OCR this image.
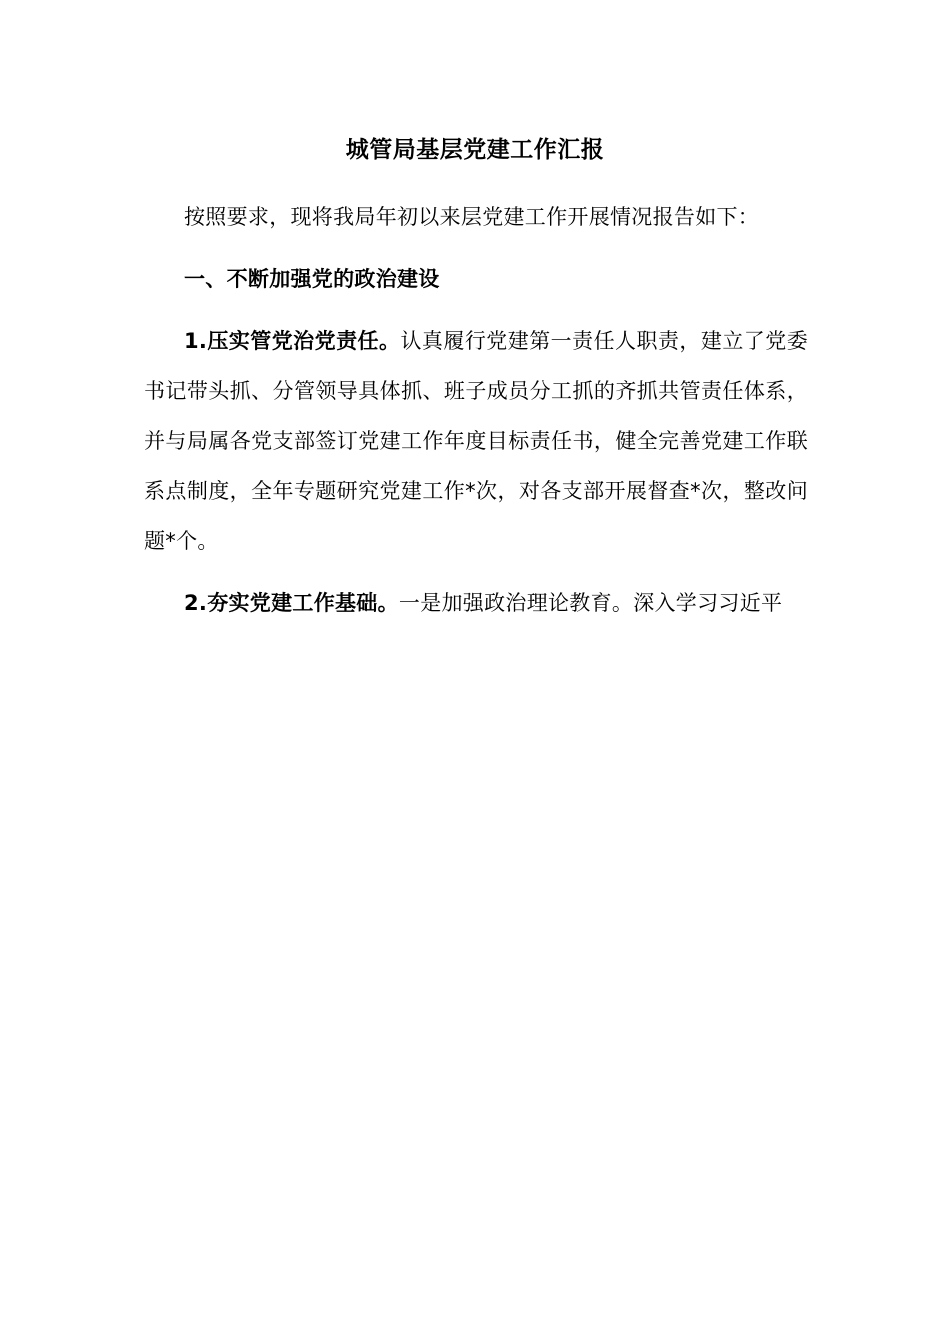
城管局基层党建工作汇报
按照要求，现将我局年初以来层党建工作开展情况报告如下：
一、不断加强党的政治建设
1.压实管党治党责任。认真履行党建第一责任人职责，建立了党委书记带头抓、分管领导具体抓、班子成员分工抓的齐抓共管责任体系，并与局属各党支部签订党建工作年度目标责任书，健全完善党建工作联系点制度，全年专题研究党建工作*次，对各支部开展督查*次，整改问题*个。
2.夯实党建工作基础。一是加强政治理论教育。深入学习习近平
